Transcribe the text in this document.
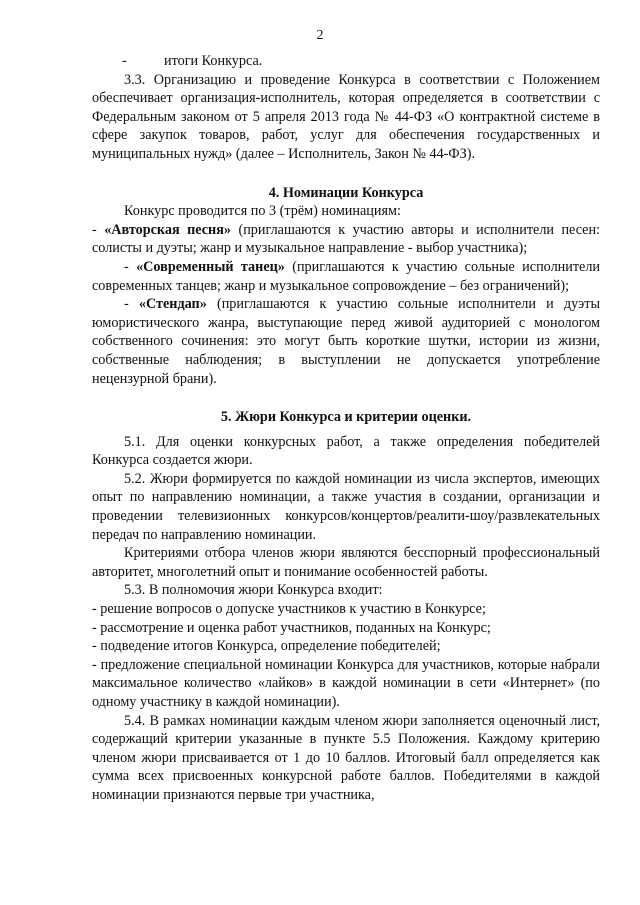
2

-	итоги Конкурса.

3.3. Организацию и проведение Конкурса в соответствии с Положением обеспечивает организация-исполнитель, которая определяется в соответствии с Федеральным законом от 5 апреля 2013 года № 44-ФЗ «О контрактной системе в сфере закупок товаров, работ, услуг для обеспечения государственных и муниципальных нужд» (далее – Исполнитель, Закон № 44-ФЗ).

4. Номинации Конкурса

Конкурс проводится по 3 (трём) номинациям:

- «Авторская песня» (приглашаются к участию авторы и исполнители песен: солисты и дуэты; жанр и музыкальное направление - выбор участника);

- «Современный танец» (приглашаются к участию сольные исполнители современных танцев; жанр и музыкальное сопровождение – без ограничений);

- «Стендап» (приглашаются к участию сольные исполнители и дуэты юмористического жанра, выступающие перед живой аудиторией с монологом собственного сочинения: это могут быть короткие шутки, истории из жизни, собственные наблюдения; в выступлении не допускается употребление нецензурной брани).

5. Жюри Конкурса и критерии оценки.

5.1. Для оценки конкурсных работ, а также определения победителей Конкурса создается жюри.

5.2. Жюри формируется по каждой номинации из числа экспертов, имеющих опыт по направлению номинации, а также участия в создании, организации и проведении телевизионных конкурсов/концертов/реалити-шоу/развлекательных передач по направлению номинации.

Критериями отбора членов жюри являются бесспорный профессиональный авторитет, многолетний опыт и понимание особенностей работы.

5.3. В полномочия жюри Конкурса входит:

- решение вопросов о допуске участников к участию в Конкурсе;

- рассмотрение и оценка работ участников, поданных на Конкурс;

- подведение итогов Конкурса, определение победителей;

- предложение специальной номинации Конкурса для участников, которые набрали максимальное количество «лайков» в каждой номинации в сети «Интернет» (по одному участнику в каждой номинации).

5.4. В рамках номинации каждым членом жюри заполняется оценочный лист, содержащий критерии указанные в пункте 5.5 Положения. Каждому критерию членом жюри присваивается от 1 до 10 баллов. Итоговый балл определяется как сумма всех присвоенных конкурсной работе баллов. Победителями в каждой номинации признаются первые три участника,
